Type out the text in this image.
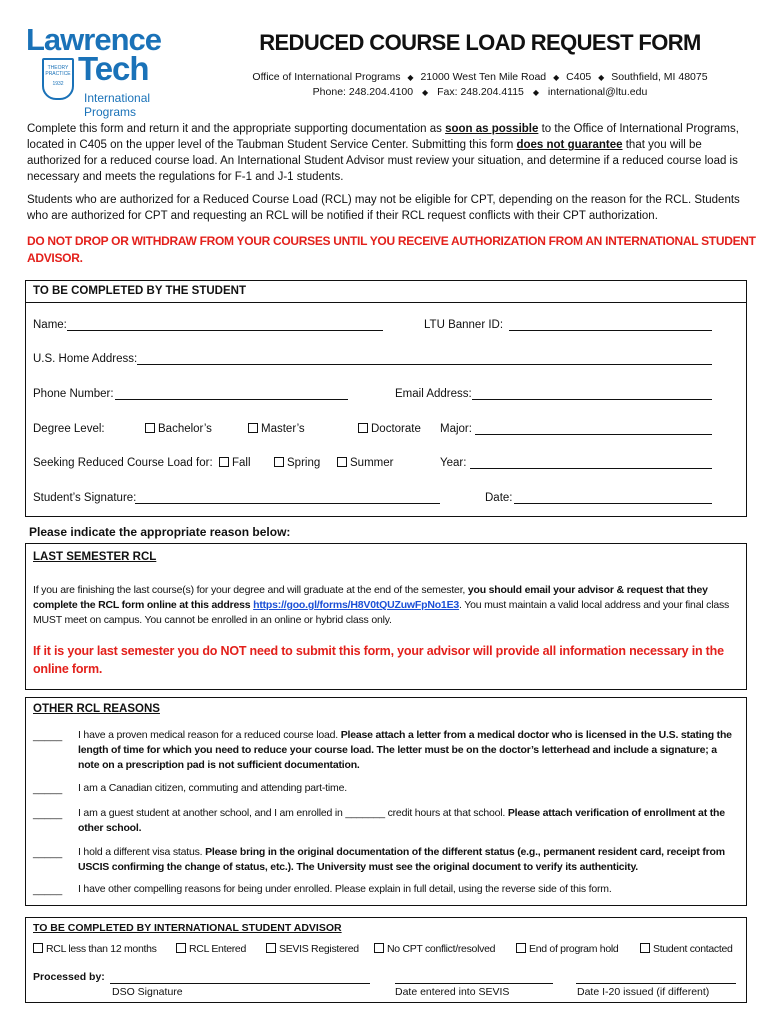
Lawrence
THEORY PRACTICE
1932 Tech
International Programs
REDUCED COURSE LOAD REQUEST FORM
Office of International Programs ◆ 21000 West Ten Mile Road ◆ C405 ◆ Southfield, MI 48075
Phone: 248.204.4100 ◆ Fax: 248.204.4115 ◆ international@ltu.edu
Complete this form and return it and the appropriate supporting documentation as soon as possible to the Office of International Programs, located in C405 on the upper level of the Taubman Student Service Center. Submitting this form does not guarantee that you will be authorized for a reduced course load. An International Student Advisor must review your situation, and determine if a reduced course load is necessary and meets the regulations for F-1 and J-1 students.
Students who are authorized for a Reduced Course Load (RCL) may not be eligible for CPT, depending on the reason for the RCL. Students who are authorized for CPT and requesting an RCL will be notified if their RCL request conflicts with their CPT authorization.
DO NOT DROP OR WITHDRAW FROM YOUR COURSES UNTIL YOU RECEIVE AUTHORIZATION FROM AN INTERNATIONAL STUDENT ADVISOR.
TO BE COMPLETED BY THE STUDENT
Name:	LTU Banner ID:
U.S. Home Address:
Phone Number:	Email Address:
Degree Level:	Bachelor’s	Master’s	Doctorate Major:
Seeking Reduced Course Load for:	Fall	Spring	Summer	Year:
Student’s Signature:	Date:
Please indicate the appropriate reason below:
LAST SEMESTER RCL
If you are finishing the last course(s) for your degree and will graduate at the end of the semester, you should email your advisor & request that they complete the RCL form online at this address https://goo.gl/forms/H8V0tQUZuwFpNo1E3. You must maintain a valid local address and your final class MUST meet on campus. You cannot be enrolled in an online or hybrid class only.
If it is your last semester you do NOT need to submit this form, your advisor will provide all information necessary in the online form.
OTHER RCL REASONS
_____ I have a proven medical reason for a reduced course load. Please attach a letter from a medical doctor who is licensed in the U.S. stating the length of time for which you need to reduce your course load. The letter must be on the doctor’s letterhead and include a signature; a note on a prescription pad is not sufficient documentation.
_____ I am a Canadian citizen, commuting and attending part-time.
_____ I am a guest student at another school, and I am enrolled in _______ credit hours at that school. Please attach verification of enrollment at the other school.
_____ I hold a different visa status. Please bring in the original documentation of the different status (e.g., permanent resident card, receipt from USCIS confirming the change of status, etc.). The University must see the original document to verify its authenticity.
_____ I have other compelling reasons for being under enrolled. Please explain in full detail, using the reverse side of this form.
TO BE COMPLETED BY INTERNATIONAL STUDENT ADVISOR
RCL less than 12 months	RCL Entered	SEVIS Registered	No CPT conflict/resolved	End of program hold	Student contacted
Processed by:
DSO Signature	Date entered into SEVIS	Date I-20 issued (if different)
